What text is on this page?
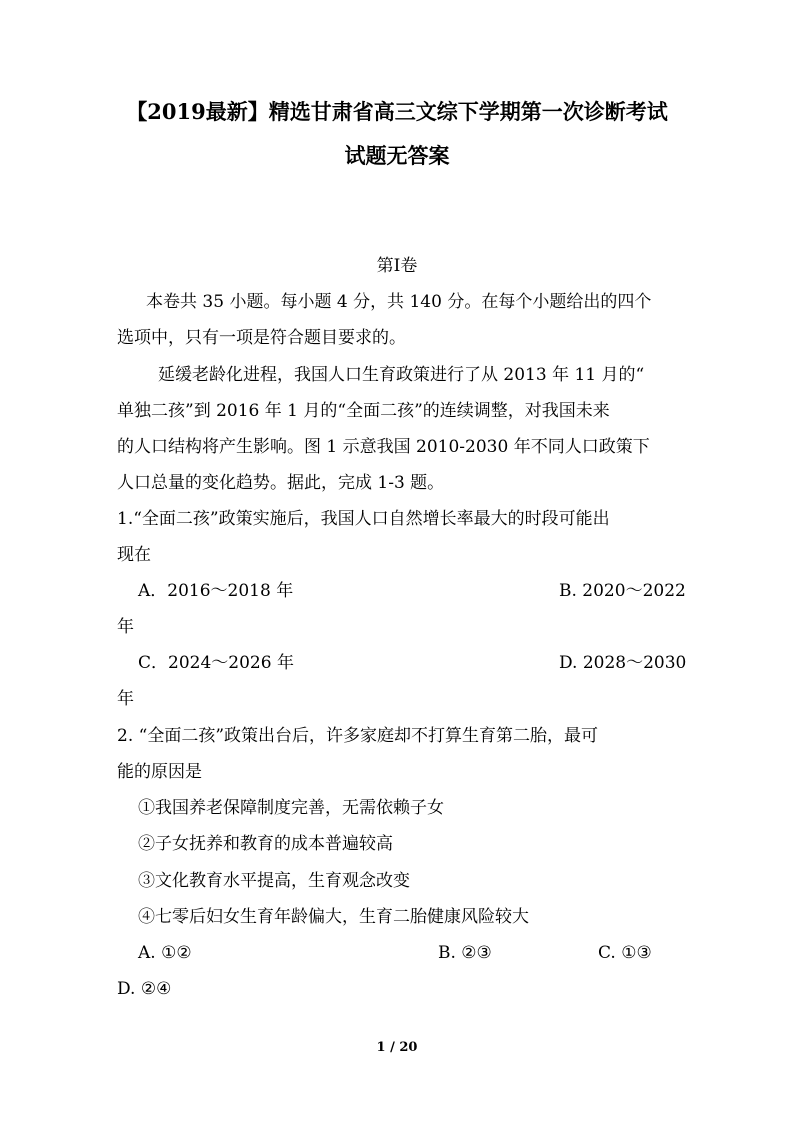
【2019最新】精选甘肃省高三文综下学期第一次诊断考试
试题无答案
第Ⅰ卷
本卷共 35 小题。每小题 4 分，共 140 分。在每个小题给出的四个
选项中，只有一项是符合题目要求的。
延缓老龄化进程，我国人口生育政策进行了从 2013 年 11 月的“
单独二孩”到 2016 年 1 月的“全面二孩”的连续调整，对我国未来
的人口结构将产生影响。图 1 示意我国 2010-2030 年不同人口政策下
人口总量的变化趋势。据此，完成 1-3 题。
1.“全面二孩”政策实施后，我国人口自然增长率最大的时段可能出
现在
A．2016～2018 年	B. 2020～2022
年
C．2024～2026 年	D. 2028～2030
年
2. “全面二孩”政策出台后，许多家庭却不打算生育第二胎，最可
能的原因是
①我国养老保障制度完善，无需依赖子女
②子女抚养和教育的成本普遍较高
③文化教育水平提高，生育观念改变
④七零后妇女生育年龄偏大，生育二胎健康风险较大
A. ①②	B. ②③	C. ①③
D. ②④
1 / 20
